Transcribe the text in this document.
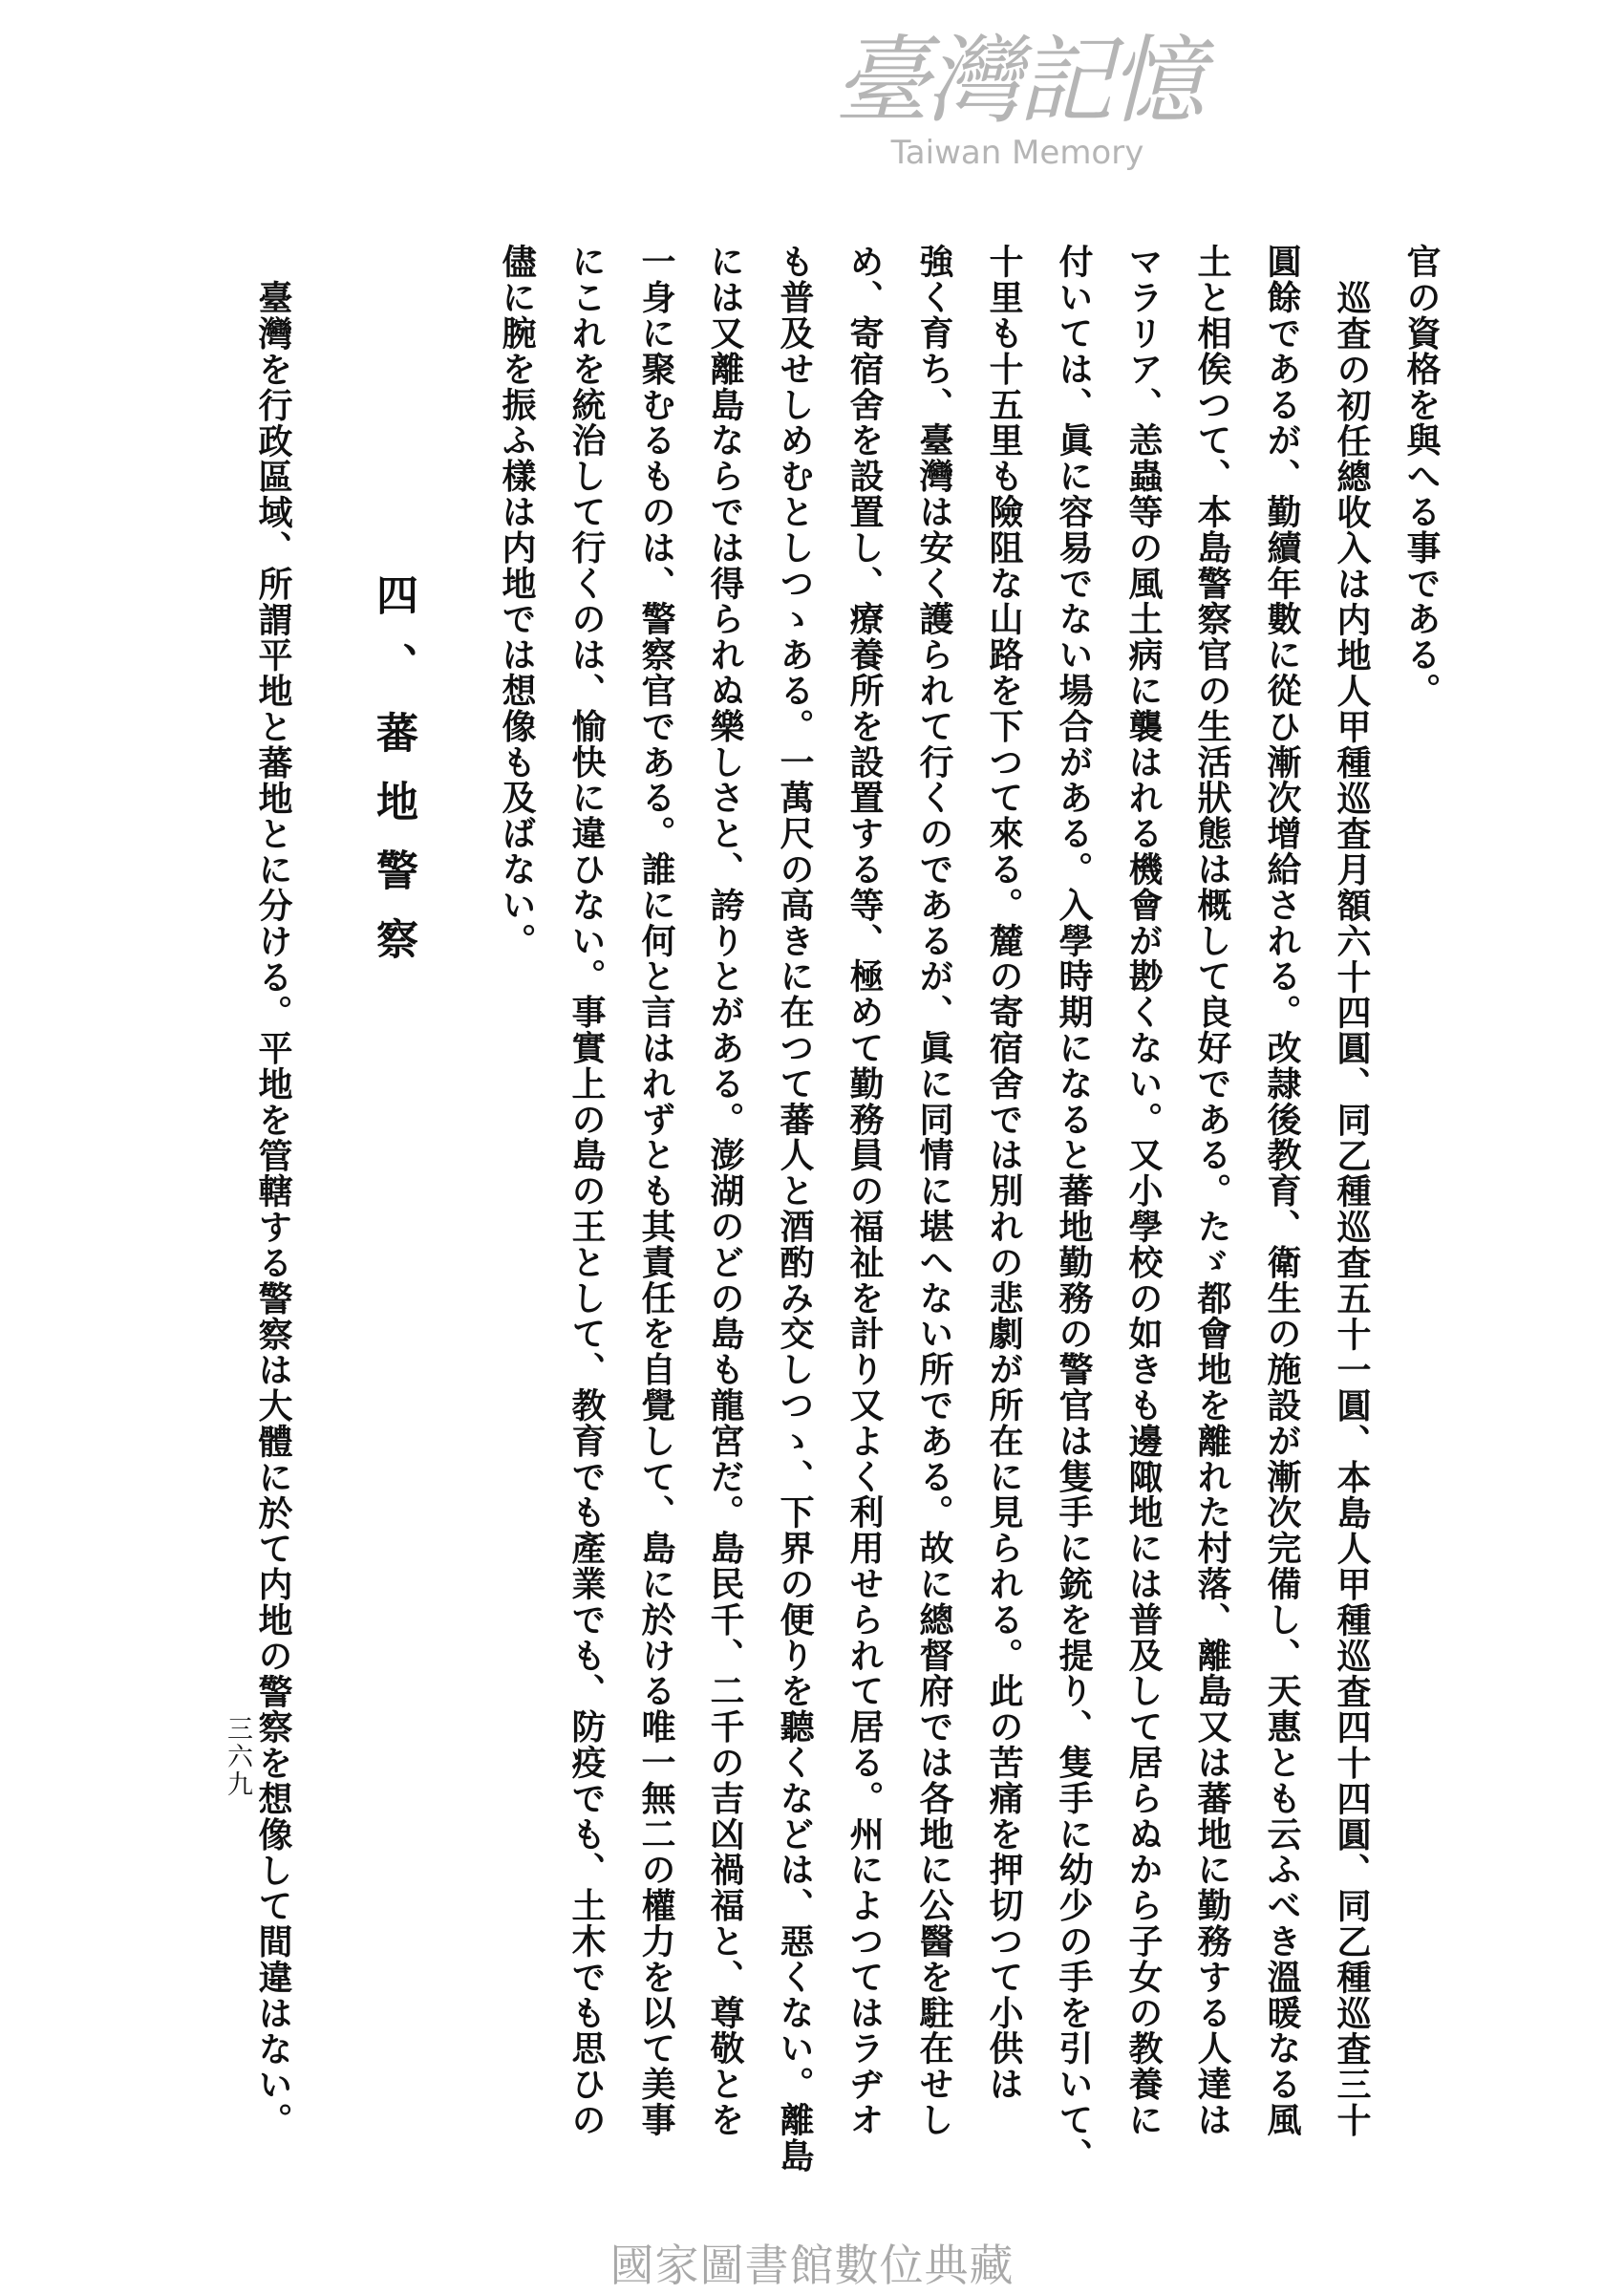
官の資格を與へる事である。
巡査の初任總收入は内地人甲種巡査月額六十四圓、同乙種巡査五十一圓、本島人甲種巡査四十四圓、同乙種巡査三十
圓餘であるが、勤續年數に從ひ漸次增給される。改隷後教育、衛生の施設が漸次完備し、天惠とも云ふべき溫暖なる風
土と相俟つて、本島警察官の生活狀態は概して良好である。たゞ都會地を離れた村落、離島又は蕃地に勤務する人達は
マラリア、恙蟲等の風土病に襲はれる機會が尠くない。又小學校の如きも邊陬地には普及して居らぬから子女の教養に
付いては、眞に容易でない場合がある。入學時期になると蕃地勤務の警官は隻手に銃を提り、隻手に幼少の手を引いて、
十里も十五里も險阻な山路を下つて來る。麓の寄宿舍では別れの悲劇が所在に見られる。此の苦痛を押切つて小供は
強く育ち、臺灣は安く護られて行くのであるが、眞に同情に堪へない所である。故に總督府では各地に公醫を駐在せし
め、寄宿舍を設置し、療養所を設置する等、極めて勤務員の福祉を計り又よく利用せられて居る。州によつてはラヂオ
も普及せしめむとしつゝある。一萬尺の高きに在つて蕃人と酒酌み交しつゝ、下界の便りを聽くなどは、惡くない。離島
には又離島ならでは得られぬ樂しさと、誇りとがある。澎湖のどの島も龍宮だ。島民千、二千の吉凶禍福と、尊敬とを
一身に聚むるものは、警察官である。誰に何と言はれずとも其責任を自覺して、島に於ける唯一無二の權力を以て美事
にこれを統治して行くのは、愉快に違ひない。事實上の島の王として、教育でも產業でも、防疫でも、土木でも思ひの
儘に腕を振ふ樣は内地では想像も及ばない。
四、蕃地警察
臺灣を行政區域、所謂平地と蕃地とに分ける。平地を管轄する警察は大體に於て内地の警察を想像して間違はない。
三六九
臺灣記憶
Taiwan Memory
國家圖書館數位典藏
